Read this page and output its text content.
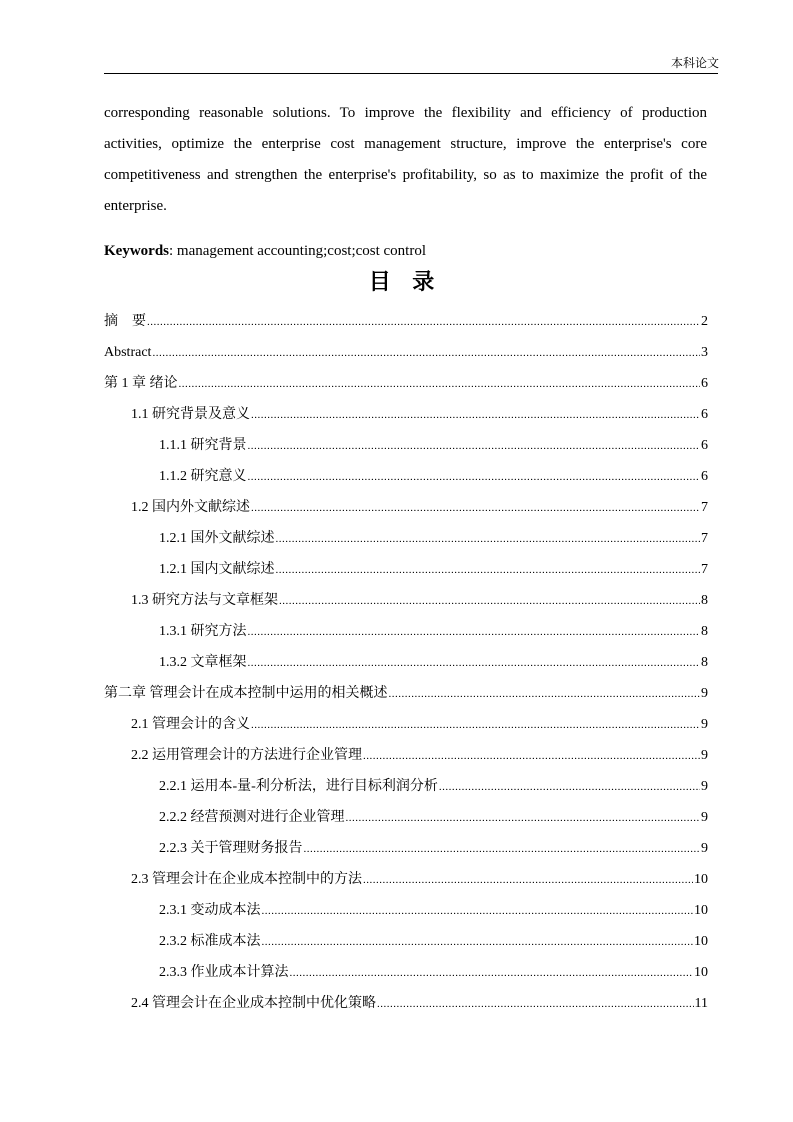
本科论文

corresponding reasonable solutions. To improve the flexibility and efficiency of production activities, optimize the enterprise cost management structure, improve the enterprise's core competitiveness and strengthen the enterprise's profitability, so as to maximize the profit of the enterprise.

Keywords: management accounting;cost;cost control

目 录
摘　要 .....	2
Abstract .....	3
第 1 章 绪论 .....	6
1.1 研究背景及意义 .....	6
1.1.1 研究背景 .....	6
1.1.2 研究意义 .....	6
1.2 国内外文献综述 .....	7
1.2.1 国外文献综述 .....	7
1.2.1 国内文献综述 .....	7
1.3 研究方法与文章框架 .....	8
1.3.1 研究方法 .....	8
1.3.2 文章框架 .....	8
第二章 管理会计在成本控制中运用的相关概述 .....	9
2.1 管理会计的含义 .....	9
2.2 运用管理会计的方法进行企业管理 .....	9
2.2.1 运用本-量-利分析法，进行目标利润分析 .....	9
2.2.2 经营预测对进行企业管理 .....	9
2.2.3 关于管理财务报告 .....	9
2.3 管理会计在企业成本控制中的方法 .....	10
2.3.1 变动成本法 .....	10
2.3.2 标准成本法 .....	10
2.3.3 作业成本计算法 .....	10
2.4 管理会计在企业成本控制中优化策略 .....	11
